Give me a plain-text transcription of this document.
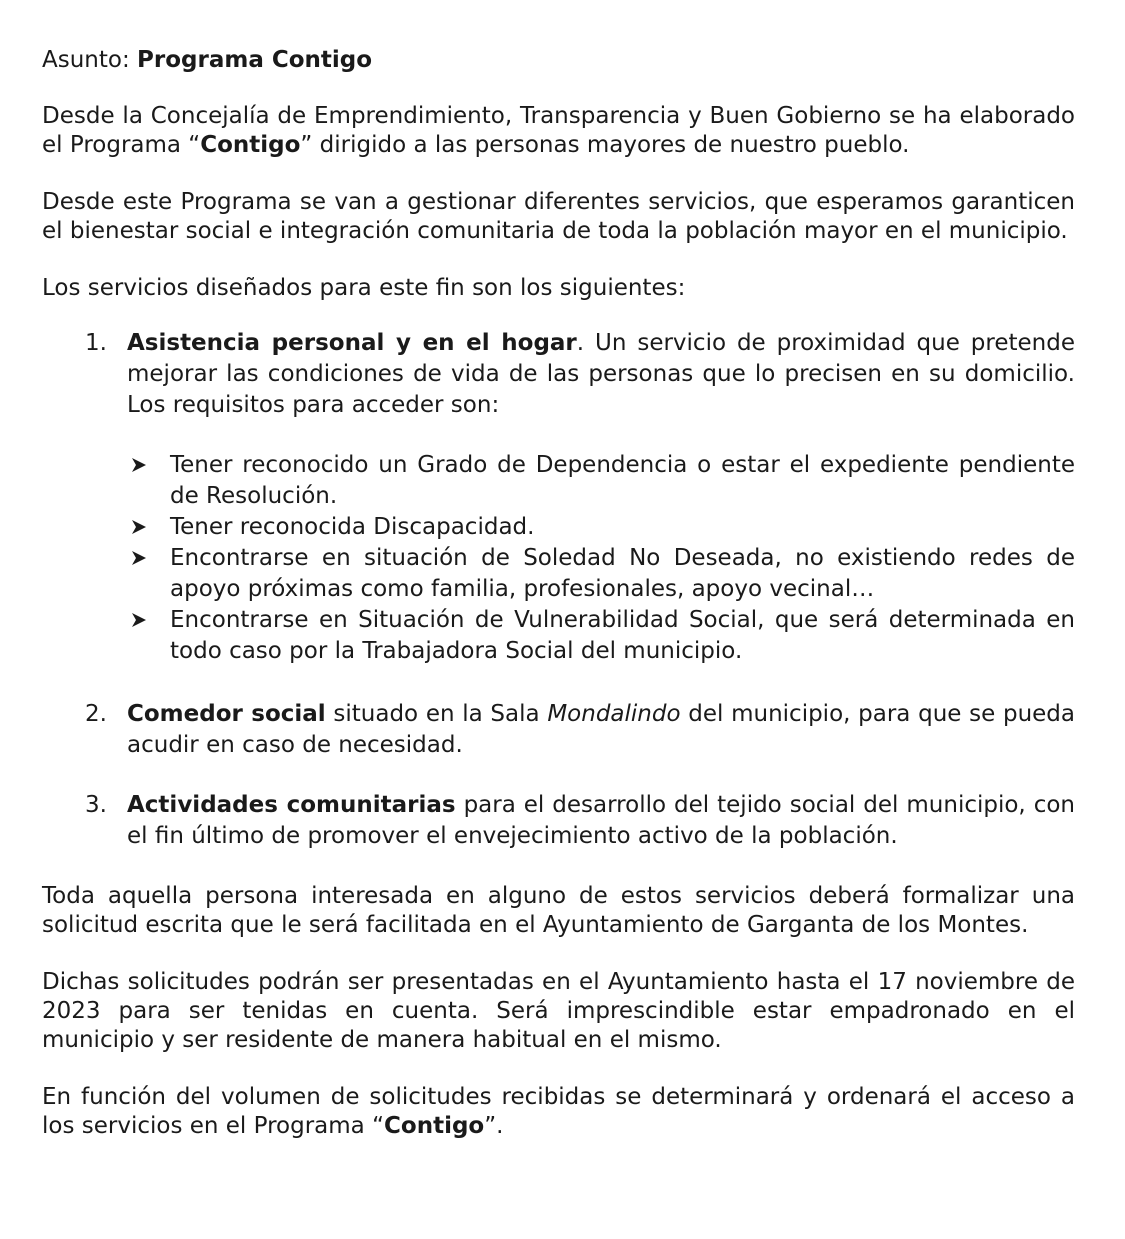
Asunto: Programa Contigo

Desde la Concejalía de Emprendimiento, Transparencia y Buen Gobierno se ha elaborado el Programa “Contigo” dirigido a las personas mayores de nuestro pueblo.

Desde este Programa se van a gestionar diferentes servicios, que esperamos garanticen el bienestar social e integración comunitaria de toda la población mayor en el municipio.

Los servicios diseñados para este fin son los siguientes:

1. Asistencia personal y en el hogar. Un servicio de proximidad que pretende mejorar las condiciones de vida de las personas que lo precisen en su domicilio. Los requisitos para acceder son:
Tener reconocido un Grado de Dependencia o estar el expediente pendiente de Resolución.
Tener reconocida Discapacidad.
Encontrarse en situación de Soledad No Deseada, no existiendo redes de apoyo próximas como familia, profesionales, apoyo vecinal…
Encontrarse en Situación de Vulnerabilidad Social, que será determinada en todo caso por la Trabajadora Social del municipio.
2. Comedor social situado en la Sala Mondalindo del municipio, para que se pueda acudir en caso de necesidad.
3. Actividades comunitarias para el desarrollo del tejido social del municipio, con el fin último de promover el envejecimiento activo de la población.

Toda aquella persona interesada en alguno de estos servicios deberá formalizar una solicitud escrita que le será facilitada en el Ayuntamiento de Garganta de los Montes.

Dichas solicitudes podrán ser presentadas en el Ayuntamiento hasta el 17 noviembre de 2023 para ser tenidas en cuenta. Será imprescindible estar empadronado en el municipio y ser residente de manera habitual en el mismo.

En función del volumen de solicitudes recibidas se determinará y ordenará el acceso a los servicios en el Programa “Contigo”.
